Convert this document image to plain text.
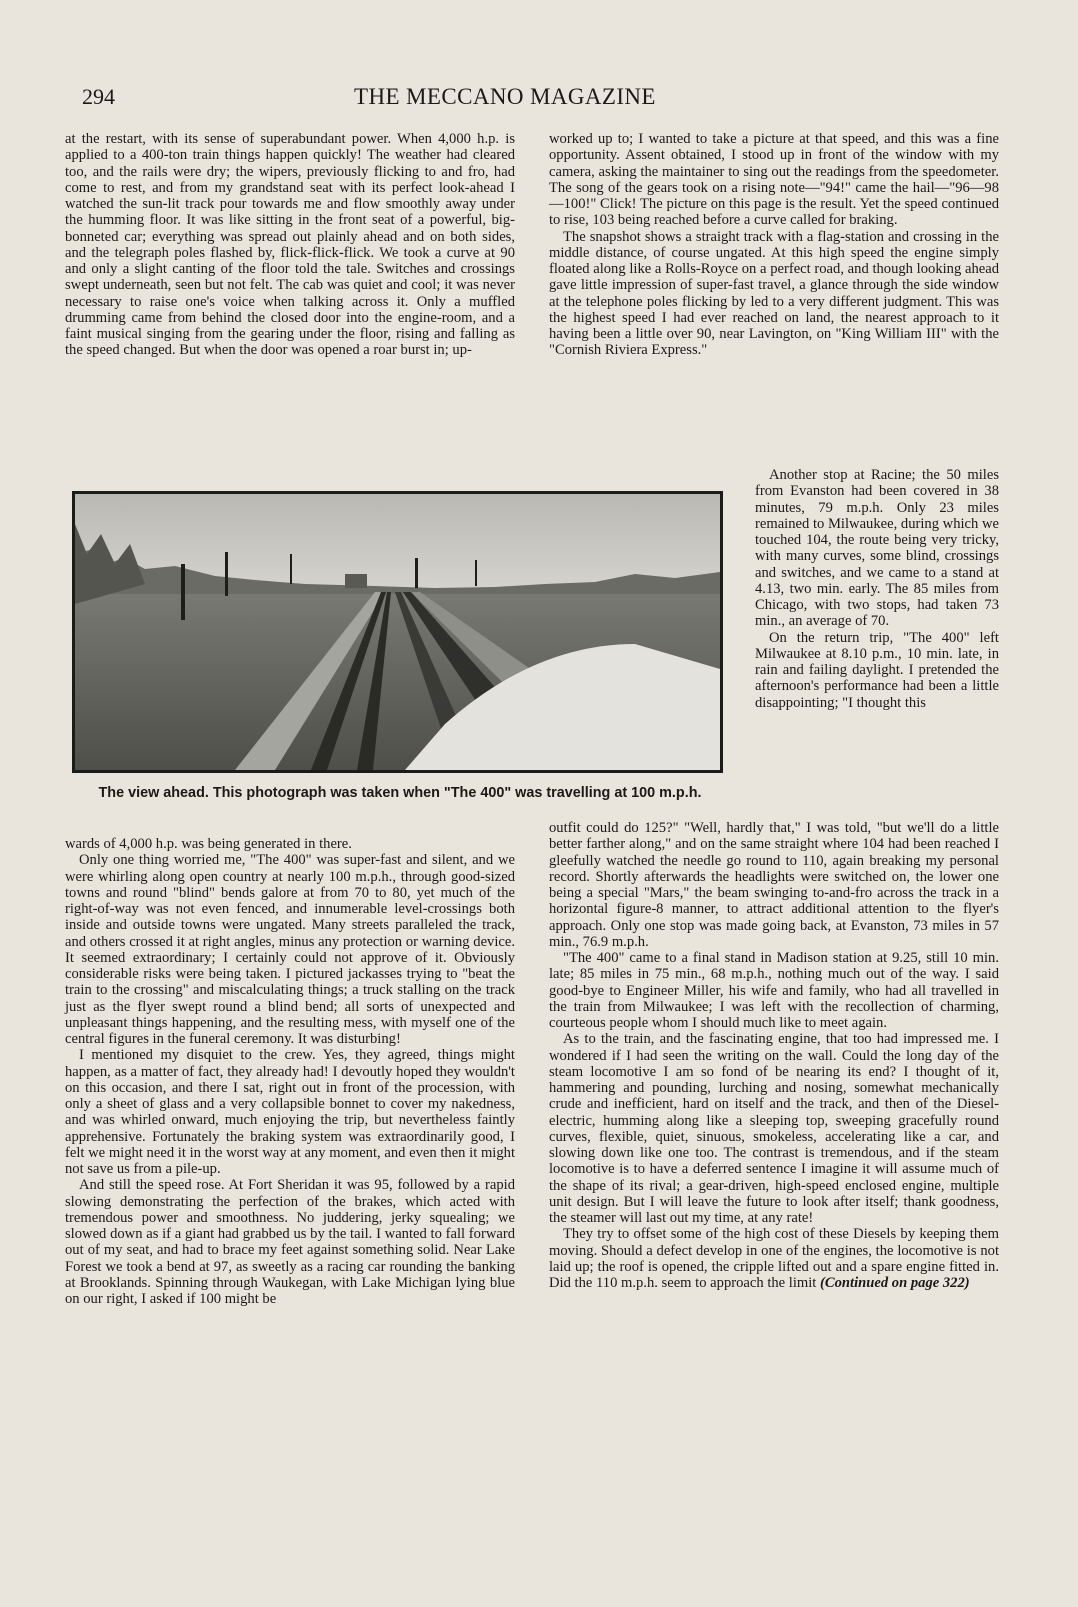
294	THE MECCANO MAGAZINE

at the restart, with its sense of superabundant power. When 4,000 h.p. is applied to a 400-ton train things happen quickly! The weather had cleared too, and the rails were dry; the wipers, previously flicking to and fro, had come to rest, and from my grandstand seat with its perfect look-ahead I watched the sun-lit track pour towards me and flow smoothly away under the humming floor. It was like sitting in the front seat of a powerful, big-bonneted car; everything was spread out plainly ahead and on both sides, and the telegraph poles flashed by, flick-flick-flick. We took a curve at 90 and only a slight canting of the floor told the tale. Switches and crossings swept underneath, seen but not felt. The cab was quiet and cool; it was never necessary to raise one's voice when talking across it. Only a muffled drumming came from behind the closed door into the engine-room, and a faint musical singing from the gearing under the floor, rising and falling as the speed changed. But when the door was opened a roar burst in; up-

worked up to; I wanted to take a picture at that speed, and this was a fine opportunity. Assent obtained, I stood up in front of the window with my camera, asking the maintainer to sing out the readings from the speedometer. The song of the gears took on a rising note—"94!" came the hail—"96—98—100!" Click! The picture on this page is the result. Yet the speed continued to rise, 103 being reached before a curve called for braking.

The snapshot shows a straight track with a flag-station and crossing in the middle distance, of course ungated. At this high speed the engine simply floated along like a Rolls-Royce on a perfect road, and though looking ahead gave little impression of super-fast travel, a glance through the side window at the telephone poles flicking by led to a very different judgment. This was the highest speed I had ever reached on land, the nearest approach to it having been a little over 90, near Lavington, on "King William III" with the "Cornish Riviera Express."

The view ahead. This photograph was taken when "The 400" was travelling at 100 m.p.h.

Another stop at Racine; the 50 miles from Evanston had been covered in 38 minutes, 79 m.p.h. Only 23 miles remained to Milwaukee, during which we touched 104, the route being very tricky, with many curves, some blind, crossings and switches, and we came to a stand at 4.13, two min. early. The 85 miles from Chicago, with two stops, had taken 73 min., an average of 70.

On the return trip, "The 400" left Milwaukee at 8.10 p.m., 10 min. late, in rain and failing daylight. I pretended the afternoon's performance had been a little disappointing; "I thought this

wards of 4,000 h.p. was being generated in there.

Only one thing worried me, "The 400" was super-fast and silent, and we were whirling along open country at nearly 100 m.p.h., through good-sized towns and round "blind" bends galore at from 70 to 80, yet much of the right-of-way was not even fenced, and innumerable level-crossings both inside and outside towns were ungated. Many streets paralleled the track, and others crossed it at right angles, minus any protection or warning device. It seemed extraordinary; I certainly could not approve of it. Obviously considerable risks were being taken. I pictured jackasses trying to "beat the train to the crossing" and miscalculating things; a truck stalling on the track just as the flyer swept round a blind bend; all sorts of unexpected and unpleasant things happening, and the resulting mess, with myself one of the central figures in the funeral ceremony. It was disturbing!

I mentioned my disquiet to the crew. Yes, they agreed, things might happen, as a matter of fact, they already had! I devoutly hoped they wouldn't on this occasion, and there I sat, right out in front of the procession, with only a sheet of glass and a very collapsible bonnet to cover my nakedness, and was whirled onward, much enjoying the trip, but nevertheless faintly apprehensive. Fortunately the braking system was extraordinarily good, I felt we might need it in the worst way at any moment, and even then it might not save us from a pile-up.

And still the speed rose. At Fort Sheridan it was 95, followed by a rapid slowing demonstrating the perfection of the brakes, which acted with tremendous power and smoothness. No juddering, jerky squealing; we slowed down as if a giant had grabbed us by the tail. I wanted to fall forward out of my seat, and had to brace my feet against something solid. Near Lake Forest we took a bend at 97, as sweetly as a racing car rounding the banking at Brooklands. Spinning through Waukegan, with Lake Michigan lying blue on our right, I asked if 100 might be

outfit could do 125?" "Well, hardly that," I was told, "but we'll do a little better farther along," and on the same straight where 104 had been reached I gleefully watched the needle go round to 110, again breaking my personal record. Shortly afterwards the headlights were switched on, the lower one being a special "Mars," the beam swinging to-and-fro across the track in a horizontal figure-8 manner, to attract additional attention to the flyer's approach. Only one stop was made going back, at Evanston, 73 miles in 57 min., 76.9 m.p.h.

"The 400" came to a final stand in Madison station at 9.25, still 10 min. late; 85 miles in 75 min., 68 m.p.h., nothing much out of the way. I said good-bye to Engineer Miller, his wife and family, who had all travelled in the train from Milwaukee; I was left with the recollection of charming, courteous people whom I should much like to meet again.

As to the train, and the fascinating engine, that too had impressed me. I wondered if I had seen the writing on the wall. Could the long day of the steam locomotive I am so fond of be nearing its end? I thought of it, hammering and pounding, lurching and nosing, somewhat mechanically crude and inefficient, hard on itself and the track, and then of the Diesel-electric, humming along like a sleeping top, sweeping gracefully round curves, flexible, quiet, sinuous, smokeless, accelerating like a car, and slowing down like one too. The contrast is tremendous, and if the steam locomotive is to have a deferred sentence I imagine it will assume much of the shape of its rival; a gear-driven, high-speed enclosed engine, multiple unit design. But I will leave the future to look after itself; thank goodness, the steamer will last out my time, at any rate!

They try to offset some of the high cost of these Diesels by keeping them moving. Should a defect develop in one of the engines, the locomotive is not laid up; the roof is opened, the cripple lifted out and a spare engine fitted in. Did the 110 m.p.h. seem to approach the limit (Continued on page 322)
